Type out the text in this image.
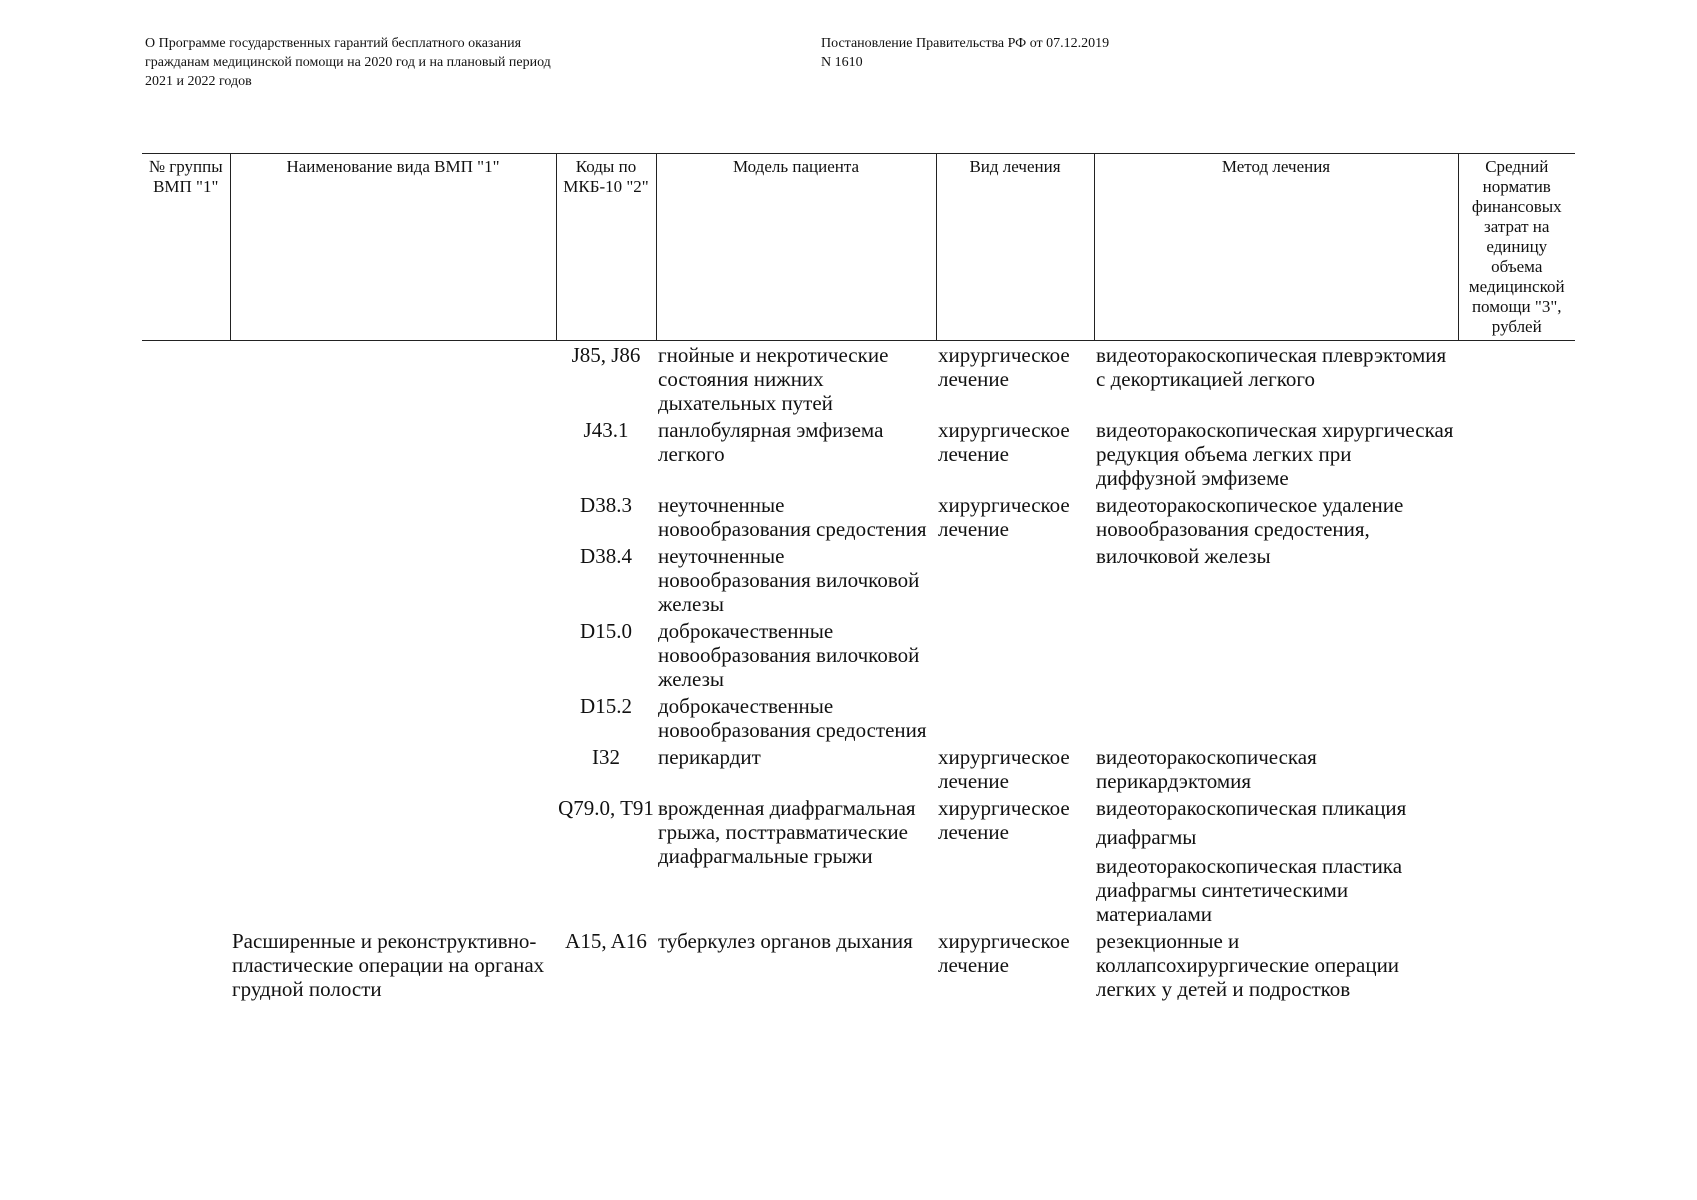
О Программе государственных гарантий бесплатного оказания гражданам медицинской помощи на 2020 год и на плановый период 2021 и 2022 годов
Постановление Правительства РФ от 07.12.2019 N 1610
№ группы ВМП "1"	Наименование вида ВМП "1"	Коды по МКБ-10 "2"	Модель пациента	Вид лечения	Метод лечения	Средний норматив финансовых затрат на единицу объема медицинской помощи "3", рублей
		J85, J86	гнойные и некротические состояния нижних дыхательных путей	хирургическое лечение	видеоторакоскопическая плеврэктомия с декортикацией легкого	
		J43.1	панлобулярная эмфизема легкого	хирургическое лечение	видеоторакоскопическая хирургическая редукция объема легких при диффузной эмфиземе	
		D38.3	неуточненные новообразования средостения	хирургическое лечение	видеоторакоскопическое удаление новообразования средостения,	
		D38.4	неуточненные новообразования вилочковой железы		вилочковой железы	
		D15.0	доброкачественные новообразования вилочковой железы			
		D15.2	доброкачественные новообразования средостения			
		I32	перикардит	хирургическое лечение	видеоторакоскопическая перикардэктомия	
		Q79.0, T91	врожденная диафрагмальная грыжа, посттравматические диафрагмальные грыжи	хирургическое лечение	видеоторакоскопическая пликация
диафрагмы
видеоторакоскопическая пластика диафрагмы синтетическими материалами	

	Расширенные и реконструктивно-пластические операции на органах грудной полости	A15, A16	туберкулез органов дыхания	хирургическое лечение	резекционные и коллапсохирургические операции легких у детей и подростков	
